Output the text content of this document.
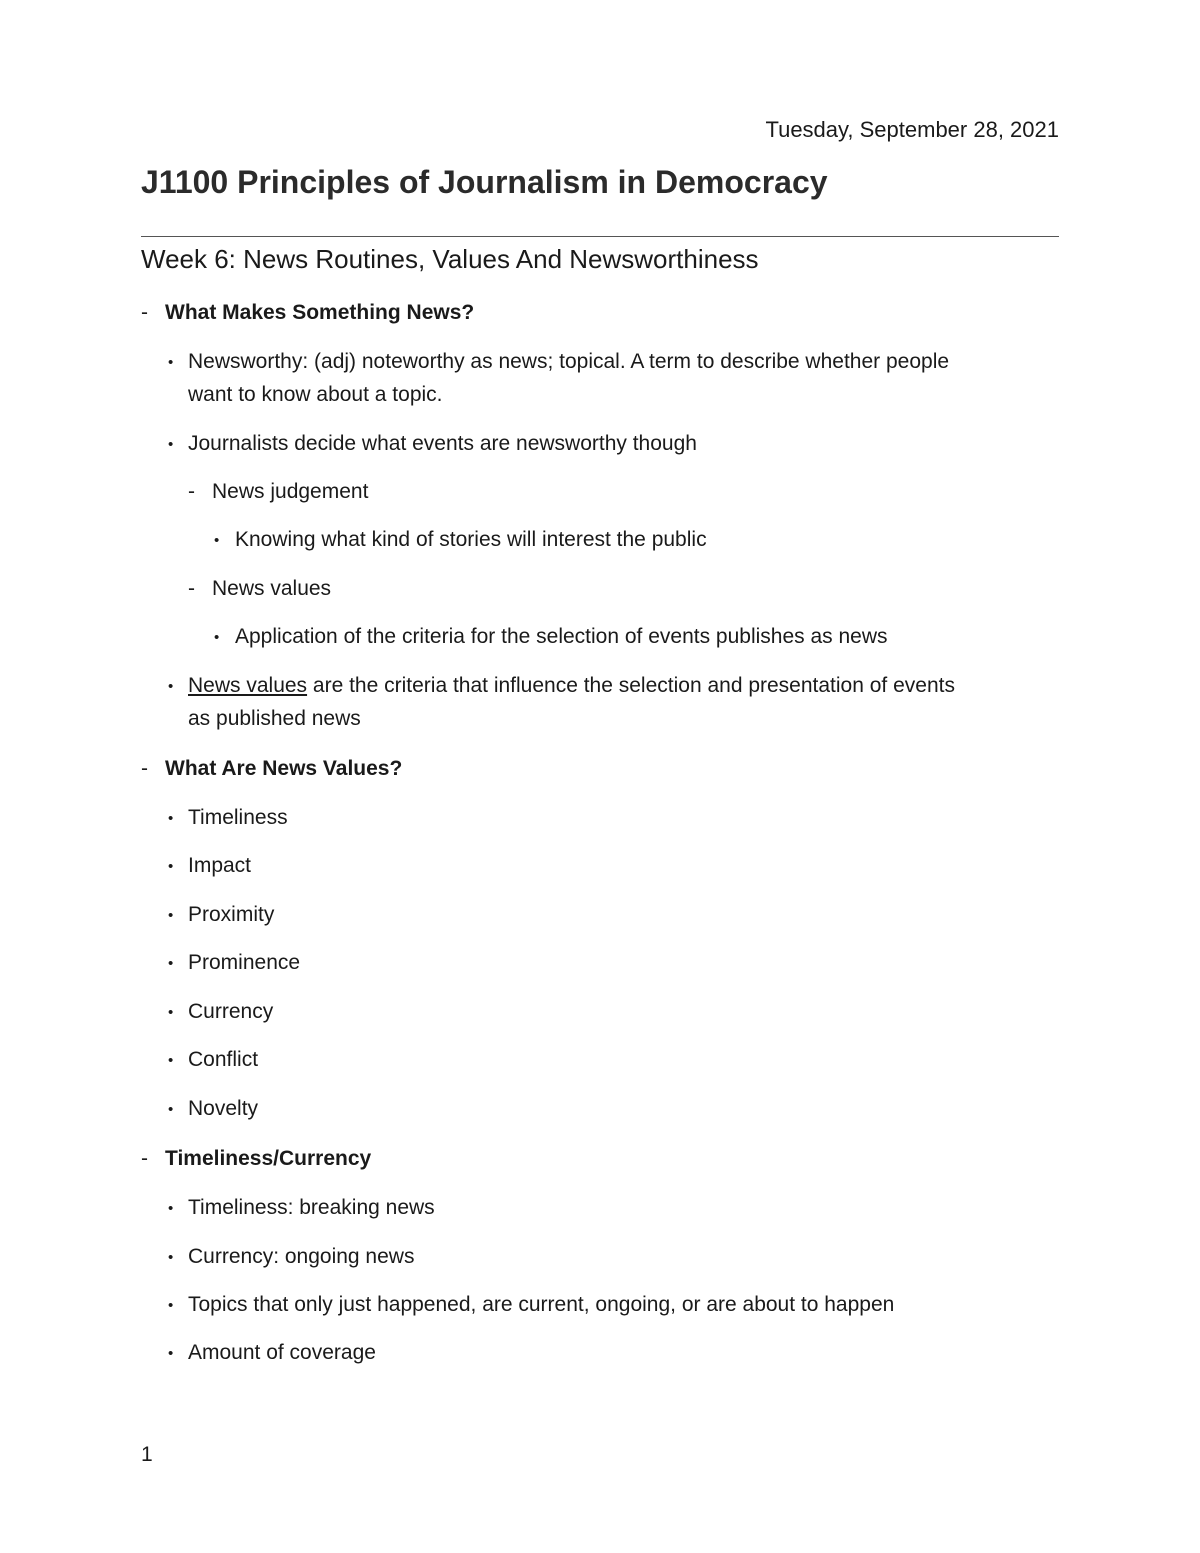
Tuesday, September 28, 2021
J1100 Principles of Journalism in Democracy
Week 6: News Routines, Values And Newsworthiness
- What Makes Something News?
• Newsworthy: (adj) noteworthy as news; topical. A term to describe whether people
want to know about a topic.
• Journalists decide what events are newsworthy though
- News judgement
• Knowing what kind of stories will interest the public
- News values
• Application of the criteria for the selection of events publishes as news
• News values are the criteria that influence the selection and presentation of events
as published news
- What Are News Values?
• Timeliness
• Impact
• Proximity
• Prominence
• Currency
• Conflict
• Novelty
- Timeliness/Currency
• Timeliness: breaking news
• Currency: ongoing news
• Topics that only just happened, are current, ongoing, or are about to happen
• Amount of coverage
1
